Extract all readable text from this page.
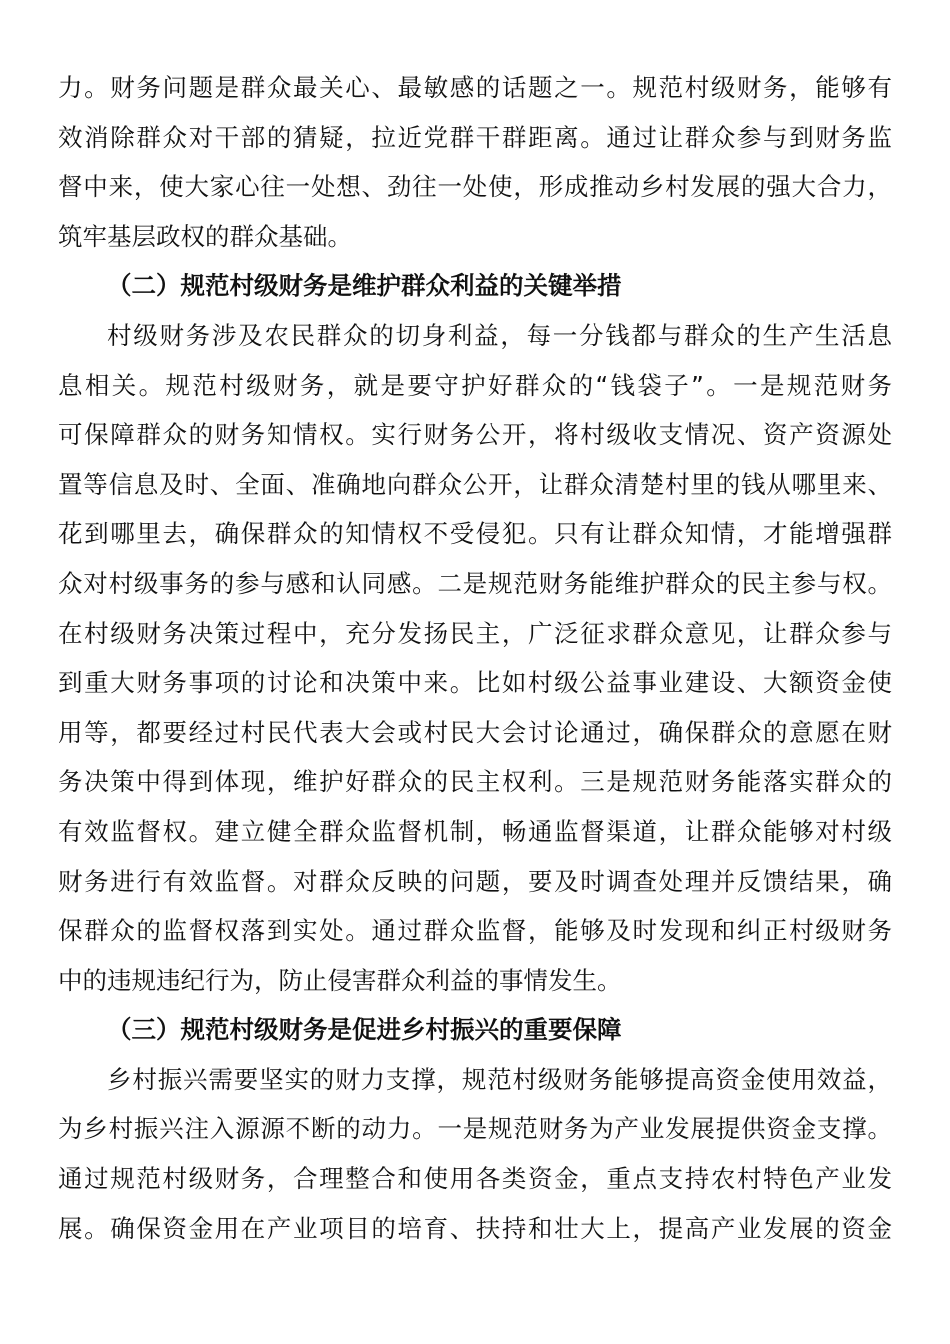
力。财务问题是群众最关心、最敏感的话题之一。规范村级财务，能够有
效消除群众对干部的猜疑，拉近党群干群距离。通过让群众参与到财务监
督中来，使大家心往一处想、劲往一处使，形成推动乡村发展的强大合力，
筑牢基层政权的群众基础。
（二）规范村级财务是维护群众利益的关键举措
村级财务涉及农民群众的切身利益，每一分钱都与群众的生产生活息
息相关。规范村级财务，就是要守护好群众的“钱袋子”。一是规范财务
可保障群众的财务知情权。实行财务公开，将村级收支情况、资产资源处
置等信息及时、全面、准确地向群众公开，让群众清楚村里的钱从哪里来、
花到哪里去，确保群众的知情权不受侵犯。只有让群众知情，才能增强群
众对村级事务的参与感和认同感。二是规范财务能维护群众的民主参与权。
在村级财务决策过程中，充分发扬民主，广泛征求群众意见，让群众参与
到重大财务事项的讨论和决策中来。比如村级公益事业建设、大额资金使
用等，都要经过村民代表大会或村民大会讨论通过，确保群众的意愿在财
务决策中得到体现，维护好群众的民主权利。三是规范财务能落实群众的
有效监督权。建立健全群众监督机制，畅通监督渠道，让群众能够对村级
财务进行有效监督。对群众反映的问题，要及时调查处理并反馈结果，确
保群众的监督权落到实处。通过群众监督，能够及时发现和纠正村级财务
中的违规违纪行为，防止侵害群众利益的事情发生。
（三）规范村级财务是促进乡村振兴的重要保障
乡村振兴需要坚实的财力支撑，规范村级财务能够提高资金使用效益，
为乡村振兴注入源源不断的动力。一是规范财务为产业发展提供资金支撑。
通过规范村级财务，合理整合和使用各类资金，重点支持农村特色产业发
展。确保资金用在产业项目的培育、扶持和壮大上，提高产业发展的资金
